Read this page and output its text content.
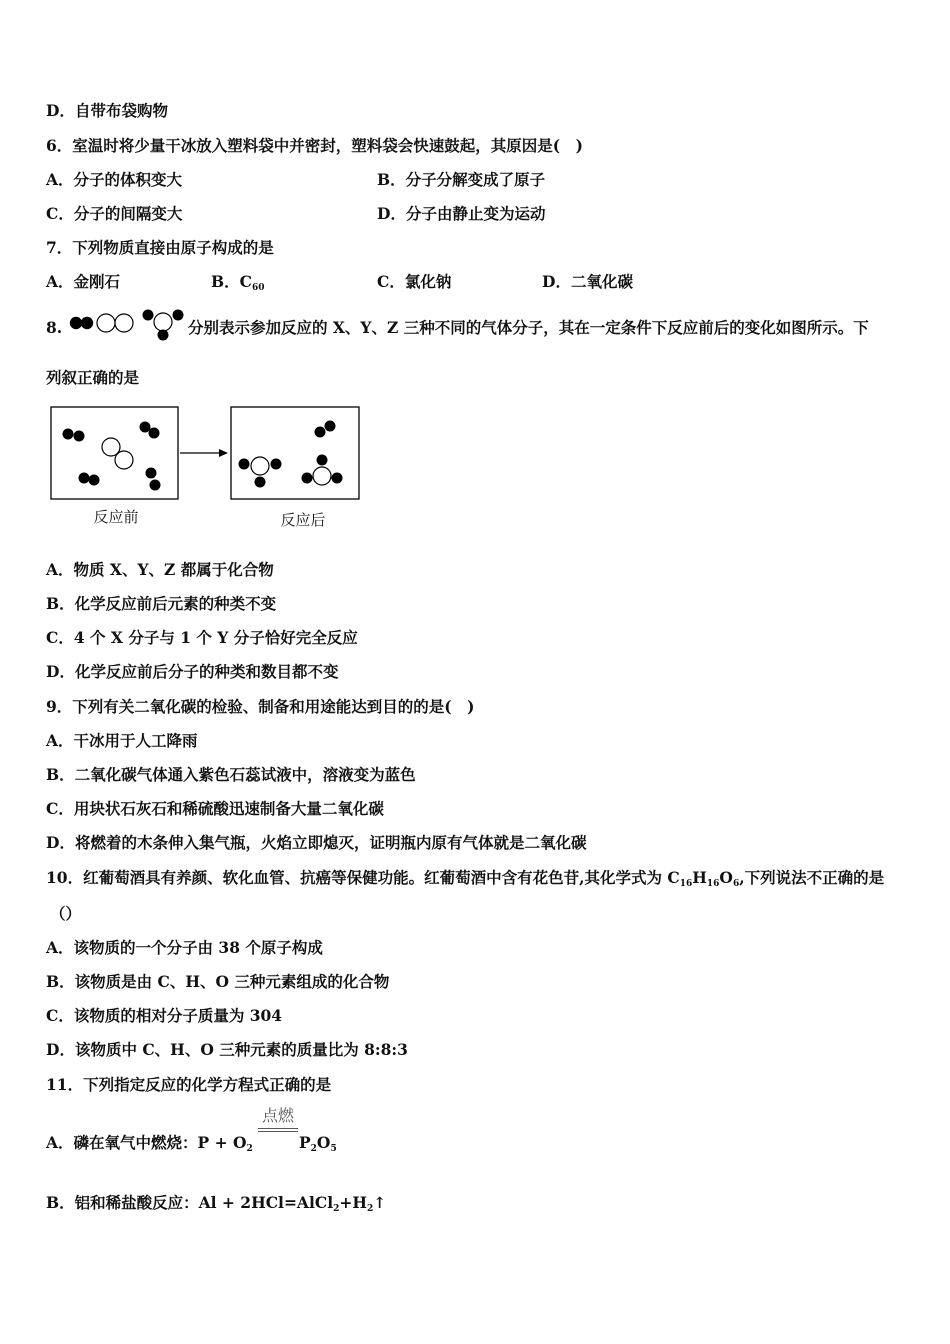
D．自带布袋购物
6．室温时将少量干冰放入塑料袋中并密封，塑料袋会快速鼓起，其原因是(　)
A．分子的体积变大	B．分子分解变成了原子
C．分子的间隔变大	D．分子由静止变为运动
7．下列物质直接由原子构成的是
A．金刚石	B．$C_{60}$	C．氯化钠	D．二氧化碳
8.	分别表示参加反应的 X、Y、Z 三种不同的气体分子，其在一定条件下反应前后的变化如图所示。下
列叙正确的是
反应前	反应后
A．物质 X、Y、Z 都属于化合物
B．化学反应前后元素的种类不变
C．4 个 X 分子与 1 个 Y 分子恰好完全反应
D．化学反应前后分子的种类和数目都不变
9．下列有关二氧化碳的检验、制备和用途能达到目的的是(　)
A．干冰用于人工降雨
B．二氧化碳气体通入紫色石蕊试液中，溶液变为蓝色
C．用块状石灰石和稀硫酸迅速制备大量二氧化碳
D．将燃着的木条伸入集气瓶，火焰立即熄灭，证明瓶内原有气体就是二氧化碳
10．红葡萄酒具有养颜、软化血管、抗癌等保健功能。红葡萄酒中含有花色苷,其化学式为 $C_{16}H_{16}O_6$,下列说法不正确的是
（）
A．该物质的一个分子由 38 个原子构成
B．该物质是由 C、H、O 三种元素组成的化合物
C．该物质的相对分子质量为 304
D．该物质中 C、H、O 三种元素的质量比为 8:8:3
11．下列指定反应的化学方程式正确的是
A．磷在氧气中燃烧：$P + O_2$
点燃
$P_2O_5$
B．铝和稀盐酸反应：$Al + 2HCl=AlCl_2+H_2↑$
